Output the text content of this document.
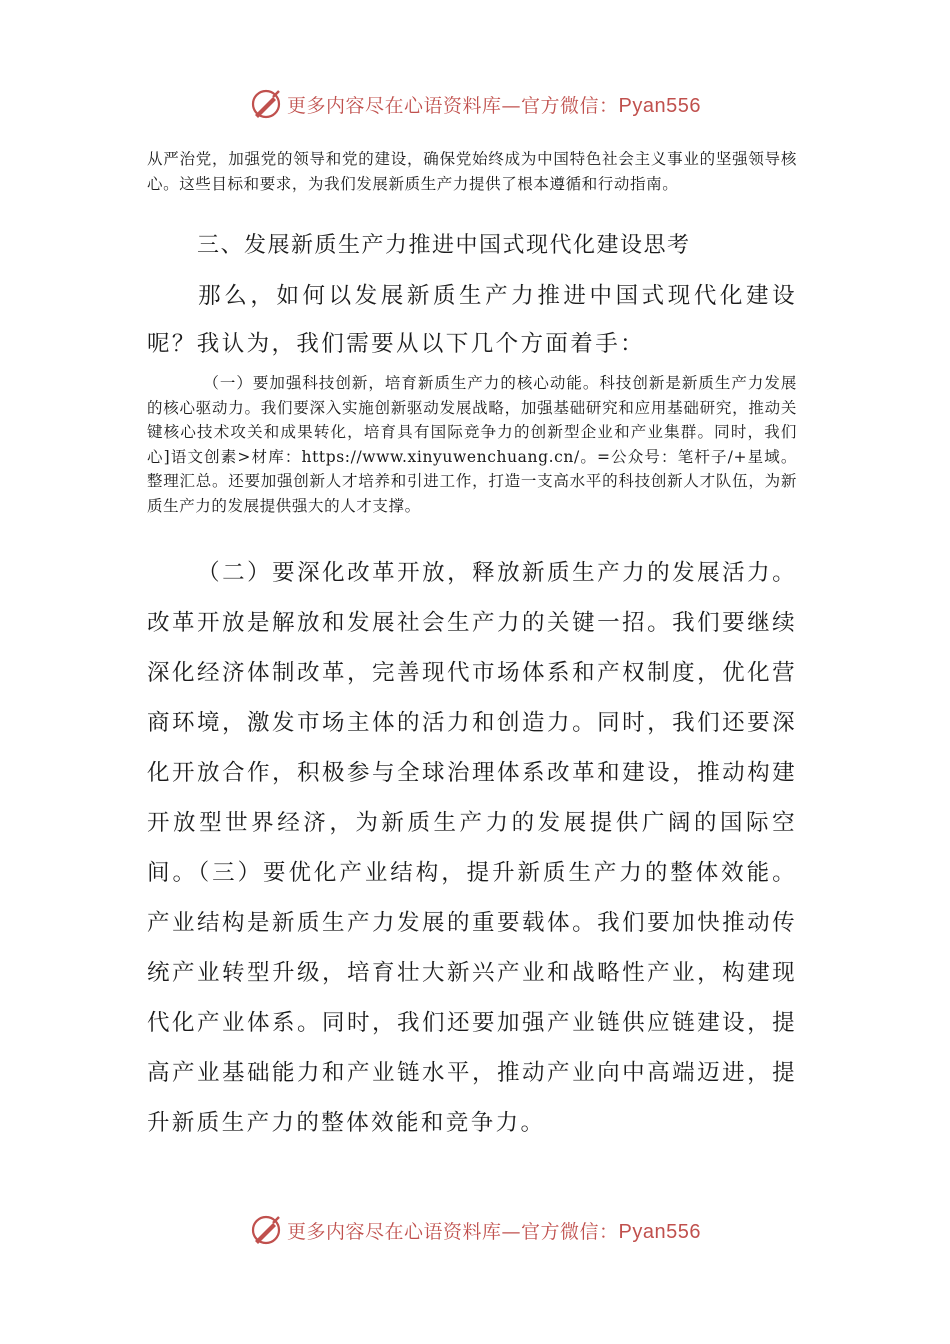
更多内容尽在心语资料库—官方微信：Pyan556

从严治党，加强党的领导和党的建设，确保党始终成为中国特色社会主义事业的坚强领导核心。这些目标和要求，为我们发展新质生产力提供了根本遵循和行动指南。

三、发展新质生产力推进中国式现代化建设思考

那么，如何以发展新质生产力推进中国式现代化建设呢？我认为，我们需要从以下几个方面着手：

（一）要加强科技创新，培育新质生产力的核心动能。科技创新是新质生产力发展的核心驱动力。我们要深入实施创新驱动发展战略，加强基础研究和应用基础研究，推动关键核心技术攻关和成果转化，培育具有国际竞争力的创新型企业和产业集群。同时，我们心]语文创素>材库：https://www.xinyuwenchuang.cn/。=公众号：笔杆子/+星域。整理汇总。还要加强创新人才培养和引进工作，打造一支高水平的科技创新人才队伍，为新质生产力的发展提供强大的人才支撑。

（二）要深化改革开放，释放新质生产力的发展活力。改革开放是解放和发展社会生产力的关键一招。我们要继续深化经济体制改革，完善现代市场体系和产权制度，优化营商环境，激发市场主体的活力和创造力。同时，我们还要深化开放合作，积极参与全球治理体系改革和建设，推动构建开放型世界经济，为新质生产力的发展提供广阔的国际空间。（三）要优化产业结构，提升新质生产力的整体效能。产业结构是新质生产力发展的重要载体。我们要加快推动传统产业转型升级，培育壮大新兴产业和战略性产业，构建现代化产业体系。同时，我们还要加强产业链供应链建设，提高产业基础能力和产业链水平，推动产业向中高端迈进，提升新质生产力的整体效能和竞争力。

更多内容尽在心语资料库—官方微信：Pyan556
